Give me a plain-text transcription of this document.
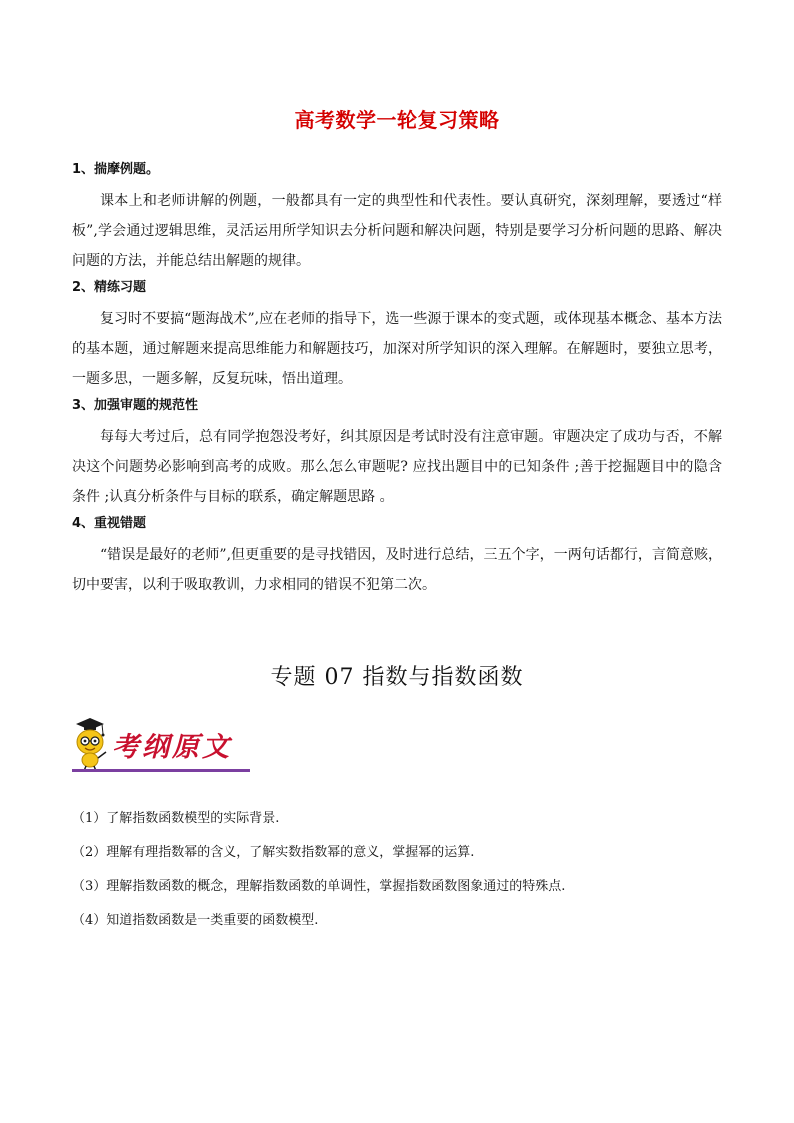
高考数学一轮复习策略
1、揣摩例题。
课本上和老师讲解的例题，一般都具有一定的典型性和代表性。要认真研究，深刻理解，要透过“样板”,学会通过逻辑思维，灵活运用所学知识去分析问题和解决问题，特别是要学习分析问题的思路、解决问题的方法，并能总结出解题的规律。
2、精练习题
复习时不要搞“题海战术”,应在老师的指导下，选一些源于课本的变式题，或体现基本概念、基本方法的基本题，通过解题来提高思维能力和解题技巧，加深对所学知识的深入理解。在解题时，要独立思考，一题多思，一题多解，反复玩味，悟出道理。
3、加强审题的规范性
每每大考过后，总有同学抱怨没考好，纠其原因是考试时没有注意审题。审题决定了成功与否，不解决这个问题势必影响到高考的成败。那么怎么审题呢? 应找出题目中的已知条件 ;善于挖掘题目中的隐含条件 ;认真分析条件与目标的联系，确定解题思路 。
4、重视错题
“错误是最好的老师”,但更重要的是寻找错因，及时进行总结，三五个字，一两句话都行，言简意赅，切中要害，以利于吸取教训，力求相同的错误不犯第二次。
专题 07 指数与指数函数
考纲原文
（1）了解指数函数模型的实际背景.
（2）理解有理指数幂的含义，了解实数指数幂的意义，掌握幂的运算.
（3）理解指数函数的概念，理解指数函数的单调性，掌握指数函数图象通过的特殊点.
（4）知道指数函数是一类重要的函数模型.
